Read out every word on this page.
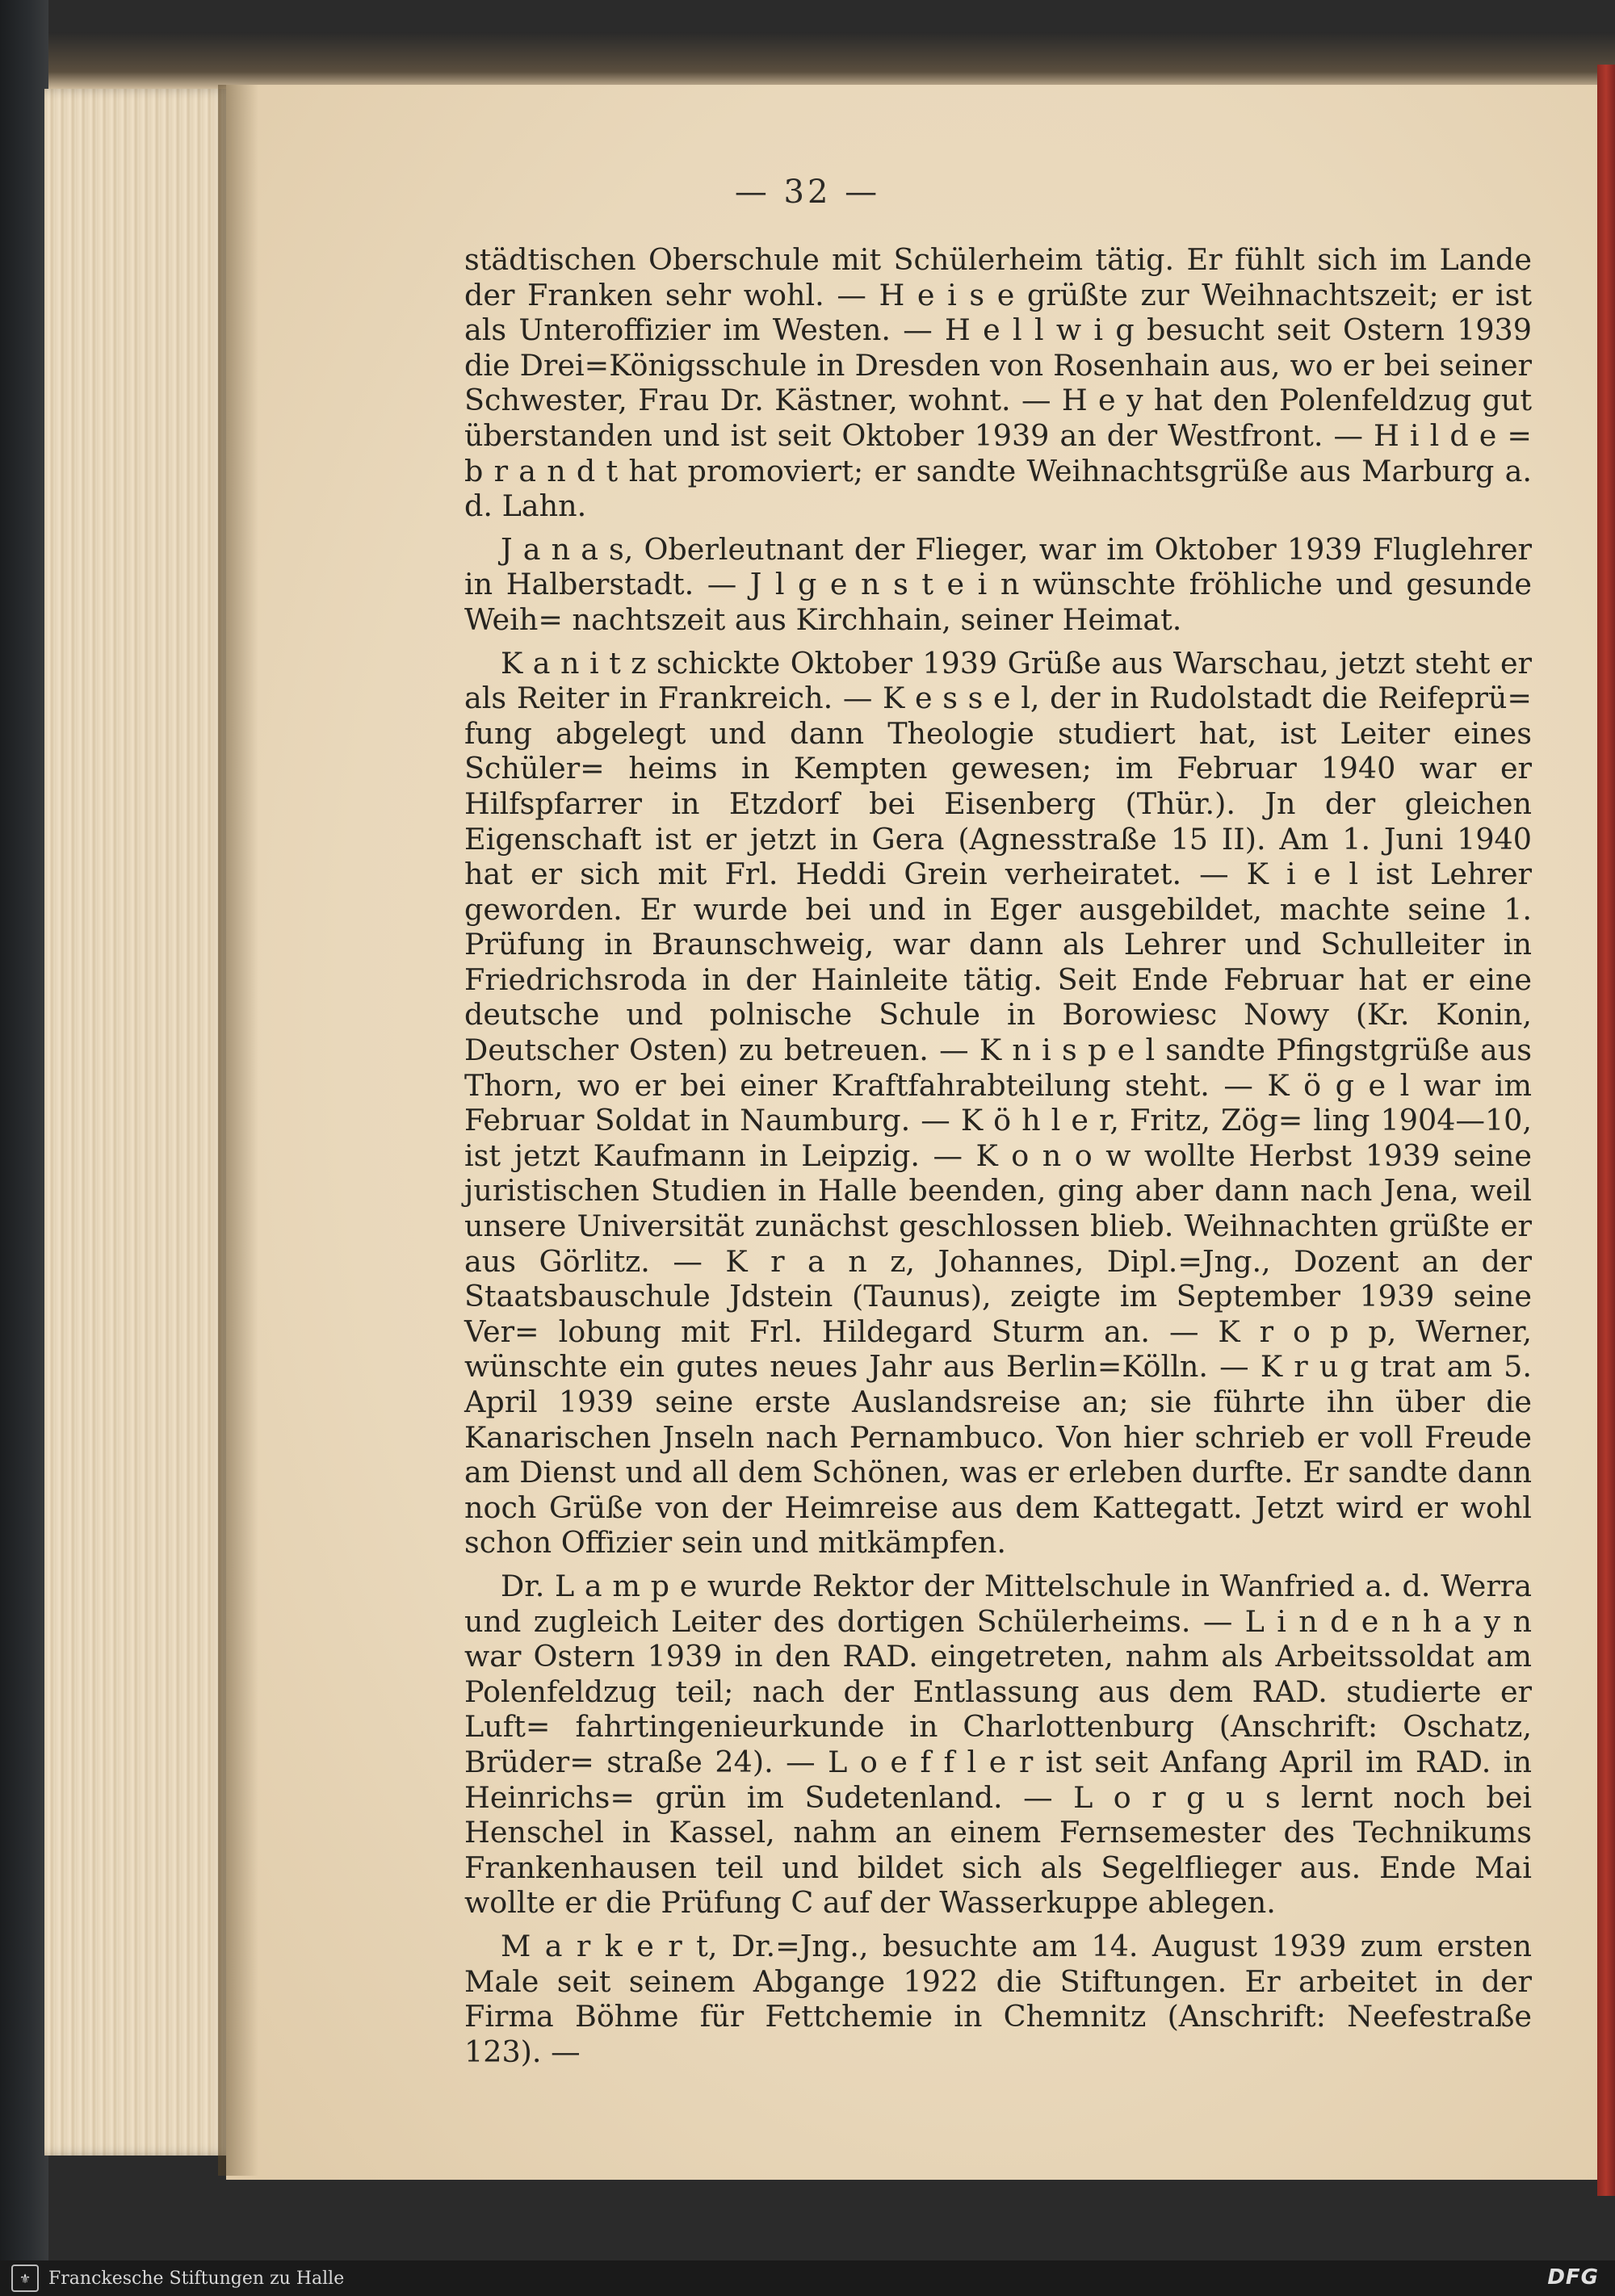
— 32 —

städtischen Oberschule mit Schülerheim tätig. Er fühlt sich im Lande der Franken sehr wohl. — H e i s e grüßte zur Weihnachtszeit; er ist als Unteroffizier im Westen. — H e l l w i g besucht seit Ostern 1939 die Drei=Königsschule in Dresden von Rosenhain aus, wo er bei seiner Schwester, Frau Dr. Kästner, wohnt. — H e y hat den Polenfeldzug gut überstanden und ist seit Oktober 1939 an der Westfront. — H i l d e = b r a n d t hat promoviert; er sandte Weihnachtsgrüße aus Marburg a. d. Lahn.

J a n a s, Oberleutnant der Flieger, war im Oktober 1939 Fluglehrer in Halberstadt. — J l g e n s t e i n wünschte fröhliche und gesunde Weih= nachtszeit aus Kirchhain, seiner Heimat.

K a n i t z schickte Oktober 1939 Grüße aus Warschau, jetzt steht er als Reiter in Frankreich. — K e s s e l, der in Rudolstadt die Reifeprü= fung abgelegt und dann Theologie studiert hat, ist Leiter eines Schüler= heims in Kempten gewesen; im Februar 1940 war er Hilfspfarrer in Etzdorf bei Eisenberg (Thür.). Jn der gleichen Eigenschaft ist er jetzt in Gera (Agnesstraße 15 II). Am 1. Juni 1940 hat er sich mit Frl. Heddi Grein verheiratet. — K i e l ist Lehrer geworden. Er wurde bei und in Eger ausgebildet, machte seine 1. Prüfung in Braunschweig, war dann als Lehrer und Schulleiter in Friedrichsroda in der Hainleite tätig. Seit Ende Februar hat er eine deutsche und polnische Schule in Borowiesc Nowy (Kr. Konin, Deutscher Osten) zu betreuen. — K n i s p e l sandte Pfingstgrüße aus Thorn, wo er bei einer Kraftfahrabteilung steht. — K ö g e l war im Februar Soldat in Naumburg. — K ö h l e r, Fritz, Zög= ling 1904—10, ist jetzt Kaufmann in Leipzig. — K o n o w wollte Herbst 1939 seine juristischen Studien in Halle beenden, ging aber dann nach Jena, weil unsere Universität zunächst geschlossen blieb. Weihnachten grüßte er aus Görlitz. — K r a n z, Johannes, Dipl.=Jng., Dozent an der Staatsbauschule Jdstein (Taunus), zeigte im September 1939 seine Ver= lobung mit Frl. Hildegard Sturm an. — K r o p p, Werner, wünschte ein gutes neues Jahr aus Berlin=Kölln. — K r u g trat am 5. April 1939 seine erste Auslandsreise an; sie führte ihn über die Kanarischen Jnseln nach Pernambuco. Von hier schrieb er voll Freude am Dienst und all dem Schönen, was er erleben durfte. Er sandte dann noch Grüße von der Heimreise aus dem Kattegatt. Jetzt wird er wohl schon Offizier sein und mitkämpfen.

Dr. L a m p e wurde Rektor der Mittelschule in Wanfried a. d. Werra und zugleich Leiter des dortigen Schülerheims. — L i n d e n h a y n war Ostern 1939 in den RAD. eingetreten, nahm als Arbeitssoldat am Polenfeldzug teil; nach der Entlassung aus dem RAD. studierte er Luft= fahrtingenieurkunde in Charlottenburg (Anschrift: Oschatz, Brüder= straße 24). — L o e f f l e r ist seit Anfang April im RAD. in Heinrichs= grün im Sudetenland. — L o r g u s lernt noch bei Henschel in Kassel, nahm an einem Fernsemester des Technikums Frankenhausen teil und bildet sich als Segelflieger aus. Ende Mai wollte er die Prüfung C auf der Wasserkuppe ablegen.

M a r k e r t, Dr.=Jng., besuchte am 14. August 1939 zum ersten Male seit seinem Abgange 1922 die Stiftungen. Er arbeitet in der Firma Böhme für Fettchemie in Chemnitz (Anschrift: Neefestraße 123). —

⚜ Franckesche Stiftungen zu Halle	DFG
